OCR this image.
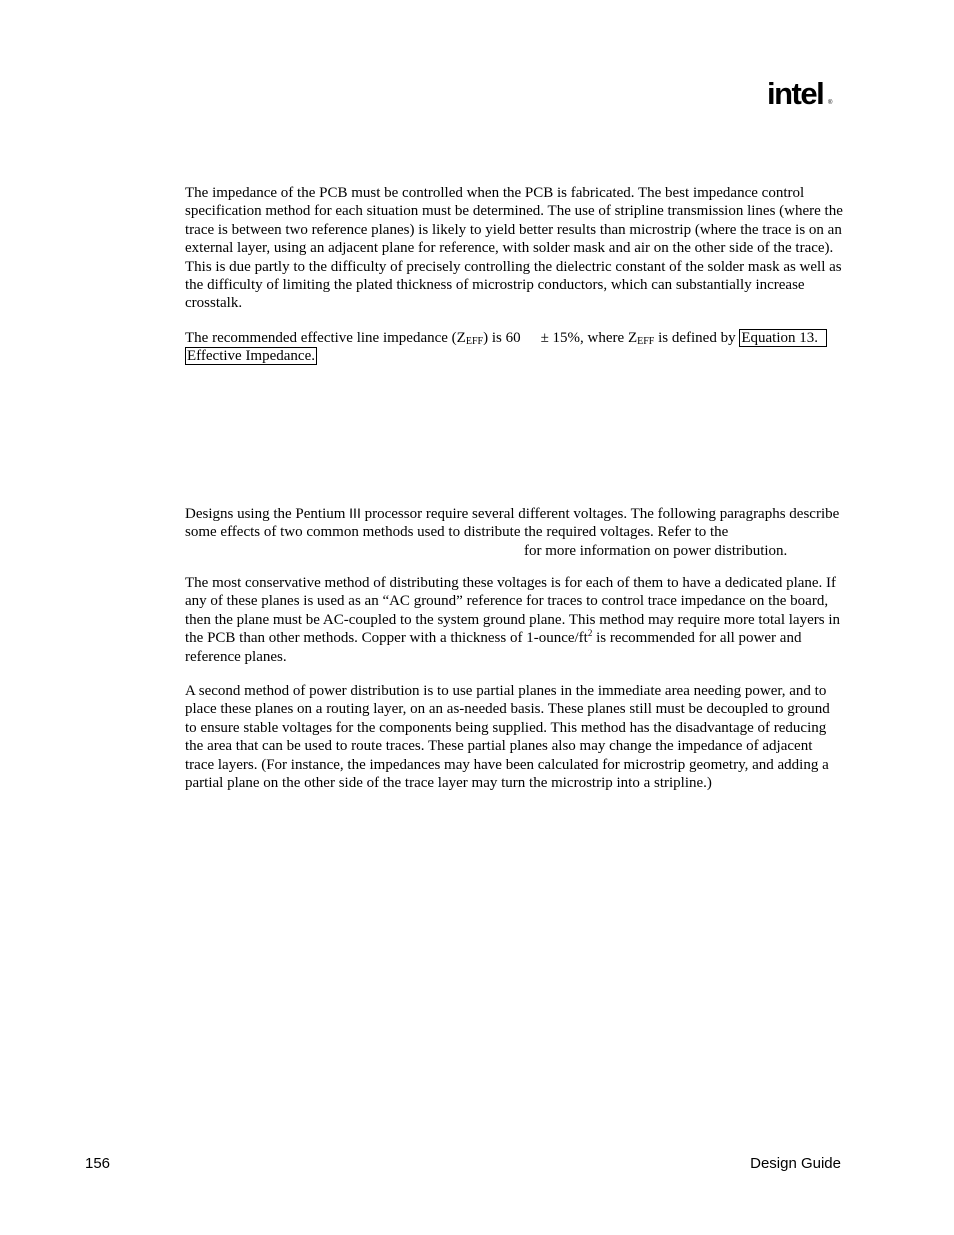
intel ®

The impedance of the PCB must be controlled when the PCB is fabricated. The best impedance control specification method for each situation must be determined. The use of stripline transmission lines (where the trace is between two reference planes) is likely to yield better results than microstrip (where the trace is on an external layer, using an adjacent plane for reference, with solder mask and air on the other side of the trace). This is due partly to the difficulty of precisely controlling the dielectric constant of the solder mask as well as the difficulty of limiting the plated thickness of microstrip conductors, which can substantially increase crosstalk.

The recommended effective line impedance $(Z_{EFF})$ is 60 ± 15%, where $Z_{EFF}$ is defined by Equation 13.
Effective Impedance.

Designs using the Pentium III processor require several different voltages. The following paragraphs describe some effects of two common methods used to distribute the required voltages. Refer to the
for more information on power distribution.

The most conservative method of distributing these voltages is for each of them to have a dedicated plane. If any of these planes is used as an “AC ground” reference for traces to control trace impedance on the board, then the plane must be AC-coupled to the system ground plane. This method may require more total layers in the PCB than other methods. Copper with a thickness of $1-ounce/ft^2$ is recommended for all power and reference planes.

A second method of power distribution is to use partial planes in the immediate area needing power, and to place these planes on a routing layer, on an as-needed basis. These planes still must be decoupled to ground to ensure stable voltages for the components being supplied. This method has the disadvantage of reducing the area that can be used to route traces. These partial planes also may change the impedance of adjacent trace layers. (For instance, the impedances may have been calculated for microstrip geometry, and adding a partial plane on the other side of the trace layer may turn the microstrip into a stripline.)

156	Design Guide
